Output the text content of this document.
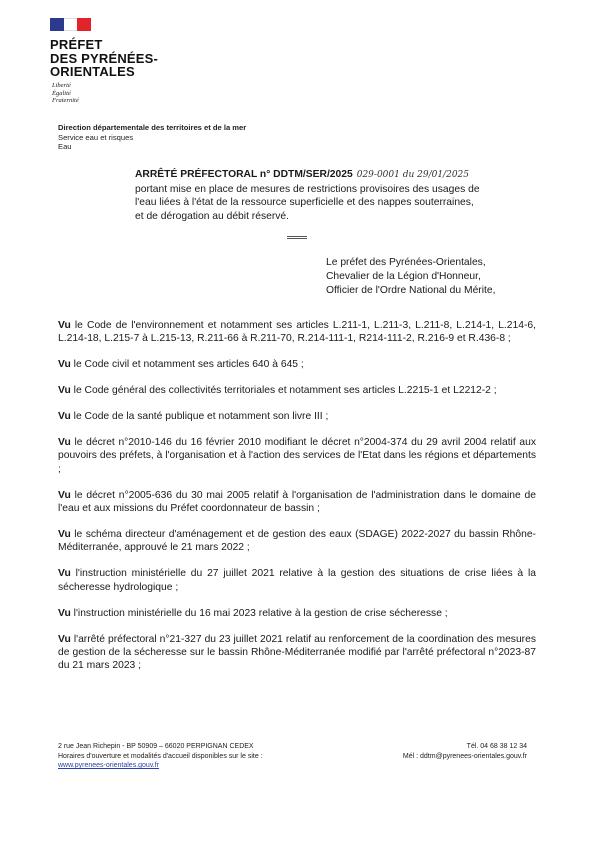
PRÉFET
DES PYRÉNÉES-
ORIENTALES
Liberté
Égalité
Fraternité
Direction départementale des territoires et de la mer
Service eau et risques
Eau
ARRÊTÉ PRÉFECTORAL n° DDTM/SER/2025 029-0001 du 29/01/2025
portant mise en place de mesures de restrictions provisoires des usages de
l'eau liées à l'état de la ressource superficielle et des nappes souterraines,
et de dérogation au débit réservé.
Le préfet des Pyrénées-Orientales,
Chevalier de la Légion d'Honneur,
Officier de l'Ordre National du Mérite,

Vu le Code de l'environnement et notamment ses articles L.211-1, L.211-3, L.211-8, L.214-1, L.214-6, L.214-18, L.215-7 à L.215-13, R.211-66 à R.211-70, R.214-111-1, R214-111-2, R.216-9 et R.436-8 ;

Vu le Code civil et notamment ses articles 640 à 645 ;

Vu le Code général des collectivités territoriales et notamment ses articles L.2215-1 et L2212-2 ;

Vu le Code de la santé publique et notamment son livre III ;

Vu le décret n°2010-146 du 16 février 2010 modifiant le décret n°2004-374 du 29 avril 2004 relatif aux pouvoirs des préfets, à l'organisation et à l'action des services de l'Etat dans les régions et départements ;

Vu le décret n°2005-636 du 30 mai 2005 relatif à l'organisation de l'administration dans le domaine de l'eau et aux missions du Préfet coordonnateur de bassin ;

Vu le schéma directeur d'aménagement et de gestion des eaux (SDAGE) 2022-2027 du bassin Rhône-Méditerranée, approuvé le 21 mars 2022 ;

Vu l'instruction ministérielle du 27 juillet 2021 relative à la gestion des situations de crise liées à la sécheresse hydrologique ;

Vu l'instruction ministérielle du 16 mai 2023 relative à la gestion de crise sécheresse ;

Vu l'arrêté préfectoral n°21-327 du 23 juillet 2021 relatif au renforcement de la coordination des mesures de gestion de la sécheresse sur le bassin Rhône-Méditerranée modifié par l'arrêté préfectoral n°2023-87 du 21 mars 2023 ;

2 rue Jean Richepin - BP 50909 – 66020 PERPIGNAN CEDEX
Horaires d'ouverture et modalités d'accueil disponibles sur le site :
www.pyrenees-orientales.gouv.fr
Tél. 04 68 38 12 34
Mél : ddtm@pyrenees-orientales.gouv.fr
